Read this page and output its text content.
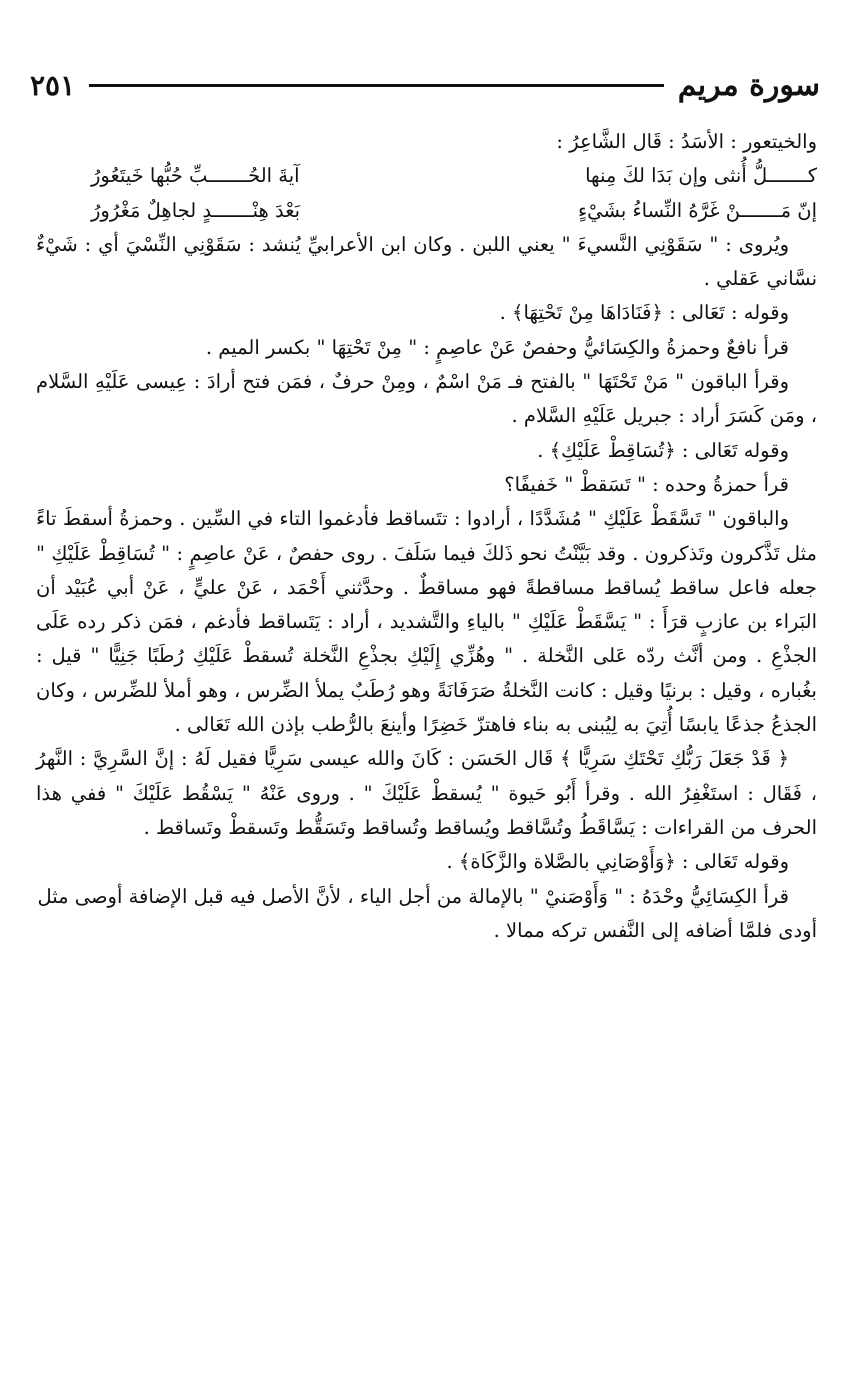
سورة مريم
٢٥١

والخيتعور : الأسَدُ : قَال الشَّاعِرُ :

كـــــــلُّ أُنثى وإن بَدَا لكَ مِنها
آيةَ الحُـــــــبِّ حُبُّها خَيتَعُورُ
إنّ مَـــــــنْ غَرَّهُ النِّساءُ بشَيْءٍ
بَعْدَ هِنْـــــــدٍ لجاهِلٌ مَغْرُورُ

ويُروى : " سَقَوْنِي النَّسيءَ " يعني اللبن . وكان ابن الأعرابيِّ يُنشد : سَقَوْنِي النِّسْيَ أي : شَيْءٌ نسَّاني عَقلي .

وقوله : تَعَالى : ﴿فَنَادَاهَا مِنْ تَحْتِهَا﴾ .

قرأ نافعٌ وحمزةُ والكِسَائيُّ وحفصٌ عَنْ عاصِمٍ : " مِنْ تَحْتِهَا " بكسر الميم .

وقرأ الباقون " مَنْ تَحْتَهَا " بالفتح فـ مَنْ اسْمٌ ، ومِنْ حرفٌ ، فمَن فتح أرادَ : عِيسى عَلَيْهِ السَّلام ، ومَن كَسَرَ أراد : جبريل عَلَيْهِ السَّلام .

وقوله تَعَالى : ﴿تُسَاقِطْ عَلَيْكِ﴾ .

قرأ حمزةُ وحده : " تَسَقطْ " خَفيفًا؟

والباقون " تَسَّقَطْ عَلَيْكِ " مُشَدَّدًا ، أرادوا : تتَساقط فأدغموا التاء في السِّين . وحمزةُ أسقطَ تاءً مثل تَذَّكرون وتَذكرون . وقد بَيَّنْتُ نحو ذَلكَ فيما سَلَفَ . روى حفصٌ ، عَنْ عاصِمٍ : " تُسَاقِطْ عَلَيْكِ " جعله فاعل ساقط يُساقط مساقطةً فهو مساقطٌ . وحدَّثني أَحْمَد ، عَنْ عليٍّ ، عَنْ أبي عُبَيْد أن البَراء بن عازبٍ قرَأَ : " يَسَّقَطْ عَلَيْكِ " بالياءِ والتَّشديد ، أراد : يَتَساقط فأدغم ، فمَن ذكر رده عَلَى الجذْعِ . ومن أنَّث ردّه عَلى النَّخلة . " وهُزِّي إِلَيْكِ بجذْعِ النَّخلة تُسقطْ عَلَيْكِ رُطَبًا جَنِيًّا " قيل : بغُباره ، وقيل : برنيًا وقيل : كانت النَّخلةُ صَرَفَانَةً وهو رُطَبٌ يملأ الضِّرس ، وهو أملأ للضِّرس ، وكان الجذعُ جذعًا يابسًا أُتِيَ به لِيُبنى به بناء فاهتزّ خَضِرًا وأينعَ بالرُّطب بإذن الله تَعَالى .

﴿ قَدْ جَعَلَ رَبُّكِ تَحْتَكِ سَرِيًّا ﴾ قَال الحَسَن : كَانَ والله عيسى سَرِيًّا فقيل لَهُ : إنَّ السَّرِيَّ : النَّهرُ ، فَقَال : استَغْفِرُ الله . وقرأ أَبُو حَيوة " يُسقطْ عَلَيْكَ " . وروى عَنْهُ " يَسْقُط عَلَيْكَ " ففي هذا الحرف من القراءات : يَسَّاقَطُ وتُسَّاقط ويُساقط وتُساقط وتَسَقُّط وتَسقطْ وتَساقط .

وقوله تَعَالى : ﴿وَأَوْصَانِي بالصَّلاة والزَّكَاة﴾ .

قرأ الكِسَائِيُّ وحْدَهُ : " وَأَوْصَنيْ " بالإمالة من أجل الياء ، لأنَّ الأصل فيه قبل الإضافة أوصى مثل أودى فلمَّا أضافه إلى النَّفس تركه ممالا .
